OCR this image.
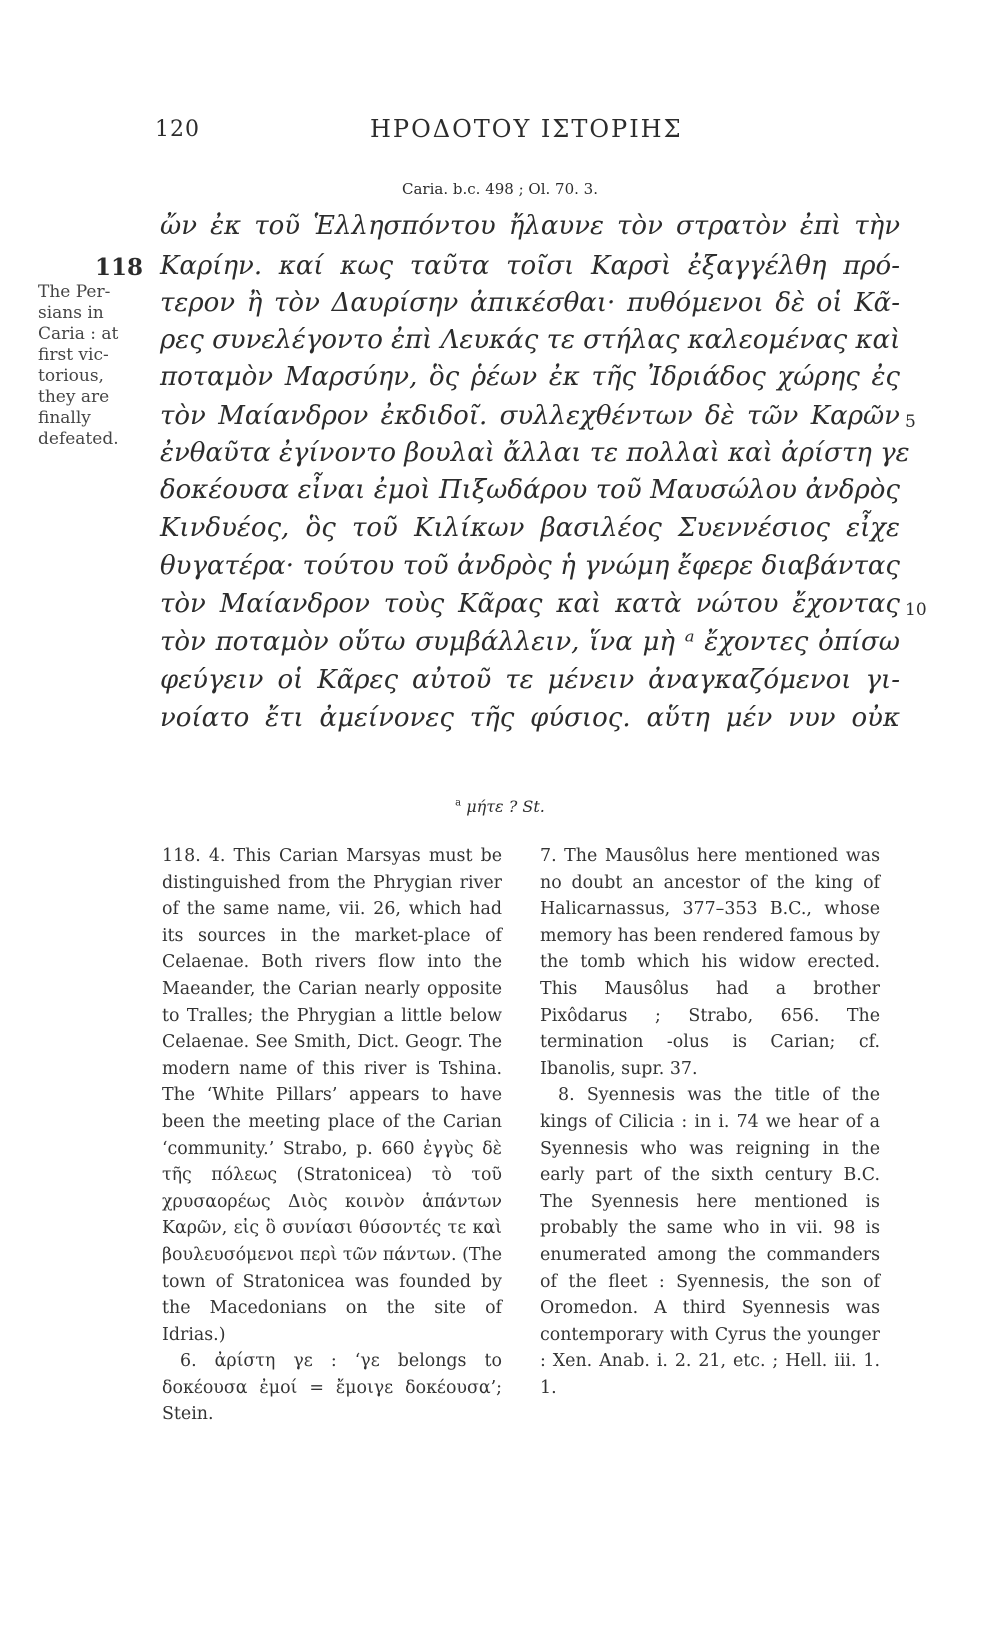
120	ΗΡΟΔΟΤΟΥ ΙΣΤΟΡΙΗΣ
Caria. b.c. 498 ; Ol. 70. 3.
118
The Per-
sians in
Caria : at
first vic-
torious,
they are
finally
defeated.
ὤν ἐκ τοῦ Ἑλλησπόντου ἤλαυνε τὸν στρατὸν ἐπὶ τὴν
Καρίην. καί κως ταῦτα τοῖσι Καρσὶ ἐξαγγέλθη πρό-
τερον ἢ τὸν Δαυρίσην ἀπικέσθαι· πυθόμενοι δὲ οἱ Κᾶ-
ρες συνελέγοντο ἐπὶ Λευκάς τε στήλας καλεομένας καὶ
ποταμὸν Μαρσύην, ὃς ῥέων ἐκ τῆς Ἰδριάδος χώρης ἐς
τὸν Μαίανδρον ἐκδιδοῖ. συλλεχθέντων δὲ τῶν Καρῶν
ἐνθαῦτα ἐγίνοντο βουλαὶ ἄλλαι τε πολλαὶ καὶ ἀρίστη γε
δοκέουσα εἶναι ἐμοὶ Πιξωδάρου τοῦ Μαυσώλου ἀνδρὸς
Κινδυέος, ὃς τοῦ Κιλίκων βασιλέος Συεννέσιος εἶχε
θυγατέρα· τούτου τοῦ ἀνδρὸς ἡ γνώμη ἔφερε διαβάντας
τὸν Μαίανδρον τοὺς Κᾶρας καὶ κατὰ νώτου ἔχοντας
τὸν ποταμὸν οὕτω συμβάλλειν, ἵνα μὴ ᵃ ἔχοντες ὀπίσω
φεύγειν οἱ Κᾶρες αὐτοῦ τε μένειν ἀναγκαζόμενοι γι-
νοίατο ἔτι ἀμείνονες τῆς φύσιος. αὕτη μέν νυν οὐκ
5
10
$^a$ μήτε ? St.

118. 4. This Carian Marsyas must be distinguished from the Phrygian river of the same name, vii. 26, which had its sources in the market-place of Celaenae. Both rivers flow into the Maeander, the Carian nearly opposite to Tralles; the Phrygian a little below Celaenae. See Smith, Dict. Geogr. The modern name of this river is Tshina. The ‘White Pillars’ appears to have been the meeting place of the Carian ‘community.’ Strabo, p. 660 ἐγγὺς δὲ τῆς πόλεως (Stratonicea) τὸ τοῦ χρυσαορέως Διὸς κοινὸν ἁπάντων Καρῶν, εἰς ὃ συνίασι θύσοντές τε καὶ βουλευσόμενοι περὶ τῶν πάντων. (The town of Stratonicea was founded by the Macedonians on the site of Idrias.)

6. ἀρίστη γε : ‘γε belongs to δοκέουσα ἐμοί = ἔμοιγε δοκέουσα’; Stein.

7. The Mausôlus here mentioned was no doubt an ancestor of the king of Halicarnassus, 377–353 B.C., whose memory has been rendered famous by the tomb which his widow erected. This Mausôlus had a brother Pixôdarus ; Strabo, 656. The termination -olus is Carian; cf. Ibanolis, supr. 37.

8. Syennesis was the title of the kings of Cilicia : in i. 74 we hear of a Syennesis who was reigning in the early part of the sixth century B.C. The Syennesis here mentioned is probably the same who in vii. 98 is enumerated among the commanders of the fleet : Syennesis, the son of Oromedon. A third Syennesis was contemporary with Cyrus the younger : Xen. Anab. i. 2. 21, etc. ; Hell. iii. 1. 1.
